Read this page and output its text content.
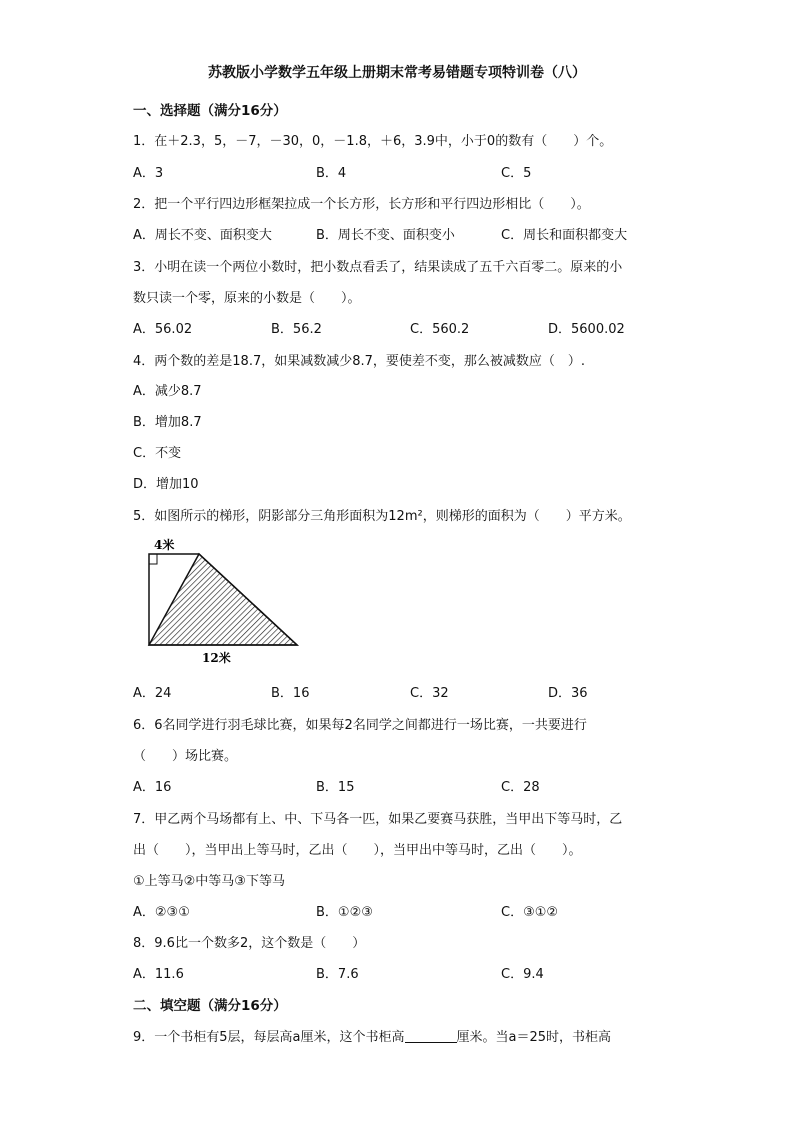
苏教版小学数学五年级上册期末常考易错题专项特训卷（八）
一、选择题（满分16分）
1．在＋2.3，5，－7，－30，0，－1.8，＋6，3.9中，小于0的数有（　　）个。
A．3	B．4	C．5
2．把一个平行四边形框架拉成一个长方形，长方形和平行四边形相比（　　）。
A．周长不变、面积变大	B．周长不变、面积变小	C．周长和面积都变大
3．小明在读一个两位小数时，把小数点看丢了，结果读成了五千六百零二。原来的小
数只读一个零，原来的小数是（　　）。
A．56.02	B．56.2	C．560.2	D．5600.02
4．两个数的差是18.7，如果减数减少8.7，要使差不变，那么被减数应（　）.
A．减少8.7
B．增加8.7
C．不变
D．增加10
5．如图所示的梯形，阴影部分三角形面积为12m²，则梯形的面积为（　　）平方米。
4米
12米
A．24	B．16	C．32	D．36
6．6名同学进行羽毛球比赛，如果每2名同学之间都进行一场比赛，一共要进行
（　　）场比赛。
A．16	B．15	C．28
7．甲乙两个马场都有上、中、下马各一匹，如果乙要赛马获胜，当甲出下等马时，乙
出（　　），当甲出上等马时，乙出（　　），当甲出中等马时，乙出（　　）。
①上等马②中等马③下等马
A．②③①	B．①②③	C．③①②
8．9.6比一个数多2，这个数是（　　）
A．11.6	B．7.6	C．9.4
二、填空题（满分16分）
9．一个书柜有5层，每层高a厘米，这个书柜高	厘米。当a＝25时，书柜高
